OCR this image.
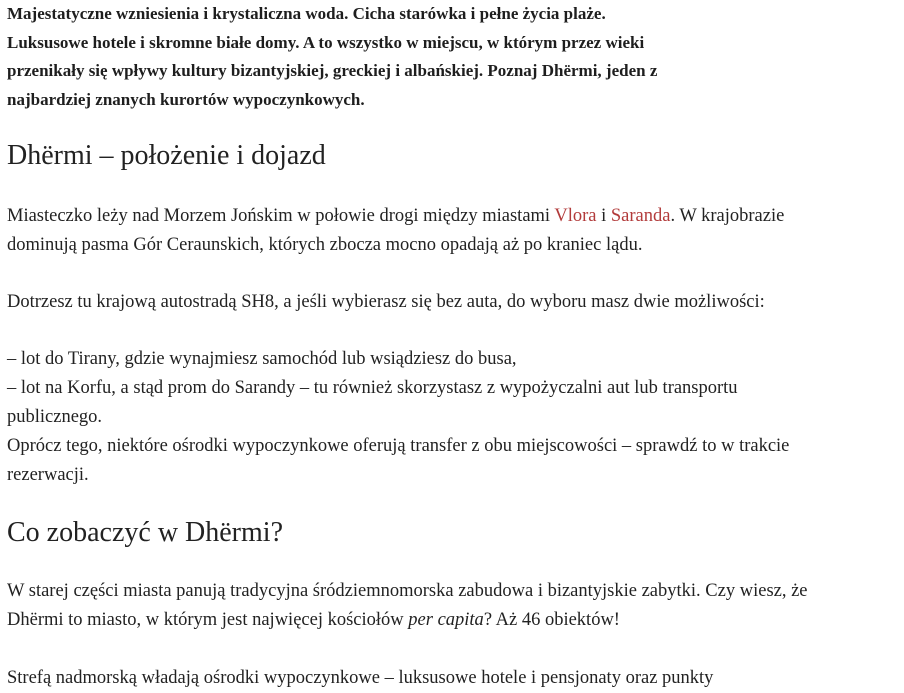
Majestatyczne wzniesienia i krystaliczna woda. Cicha starówka i pełne życia plaże.
Luksusowe hotele i skromne białe domy. A to wszystko w miejscu, w którym przez wieki
przenikały się wpływy kultury bizantyjskiej, greckiej i albańskiej. Poznaj Dhërmi, jeden z
najbardziej znanych kurortów wypoczynkowych.

Dhërmi – położenie i dojazd

Miasteczko leży nad Morzem Jońskim w połowie drogi między miastami Vlora i Saranda. W krajobrazie
dominują pasma Gór Ceraunskich, których zbocza mocno opadają aż po kraniec lądu.

Dotrzesz tu krajową autostradą SH8, a jeśli wybierasz się bez auta, do wyboru masz dwie możliwości:

– lot do Tirany, gdzie wynajmiesz samochód lub wsiądziesz do busa,
– lot na Korfu, a stąd prom do Sarandy – tu również skorzystasz z wypożyczalni aut lub transportu
publicznego.
Oprócz tego, niektóre ośrodki wypoczynkowe oferują transfer z obu miejscowości – sprawdź to w trakcie
rezerwacji.

Co zobaczyć w Dhërmi?

W starej części miasta panują tradycyjna śródziemnomorska zabudowa i bizantyjskie zabytki. Czy wiesz, że
Dhërmi to miasto, w którym jest najwięcej kościołów per capita? Aż 46 obiektów!

Strefą nadmorską władają ośrodki wypoczynkowe – luksusowe hotele i pensjonaty oraz punkty
